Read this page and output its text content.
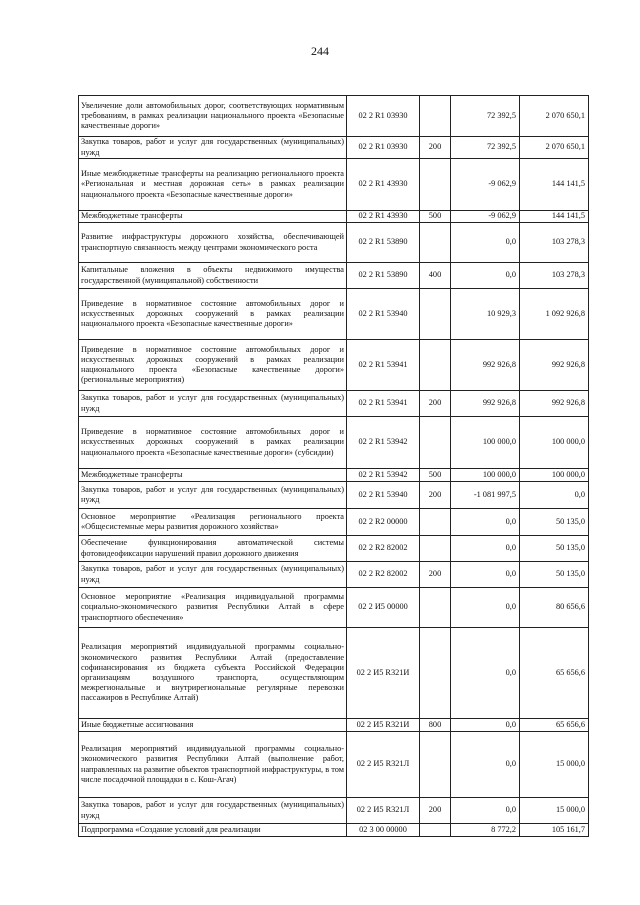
244
Увеличение доли автомобильных дорог, соответствующих нормативным требованиям, в рамках реализации национального проекта «Безопасные качественные дороги»	02 2 R1 03930		72 392,5	2 070 650,1
Закупка товаров, работ и услуг для государственных (муниципальных) нужд	02 2 R1 03930	200	72 392,5	2 070 650,1
Иные межбюджетные трансферты на реализацию регионального проекта «Региональная и местная дорожная сеть» в рамках реализации национального проекта «Безопасные качественные дороги»	02 2 R1 43930		-9 062,9	144 141,5
Межбюджетные трансферты	02 2 R1 43930	500	-9 062,9	144 141,5
Развитие инфраструктуры дорожного хозяйства, обеспечивающей транспортную связанность между центрами экономического роста	02 2 R1 53890		0,0	103 278,3
Капитальные вложения в объекты недвижимого имущества государственной (муниципальной) собственности	02 2 R1 53890	400	0,0	103 278,3
Приведение в нормативное состояние автомобильных дорог и искусственных дорожных сооружений в рамках реализации национального проекта «Безопасные качественные дороги»	02 2 R1 53940		10 929,3	1 092 926,8
Приведение в нормативное состояние автомобильных дорог и искусственных дорожных сооружений в рамках реализации национального проекта «Безопасные качественные дороги» (региональные мероприятия)	02 2 R1 53941		992 926,8	992 926,8
Закупка товаров, работ и услуг для государственных (муниципальных) нужд	02 2 R1 53941	200	992 926,8	992 926,8
Приведение в нормативное состояние автомобильных дорог и искусственных дорожных сооружений в рамках реализации национального проекта «Безопасные качественные дороги» (субсидии)	02 2 R1 53942		100 000,0	100 000,0
Межбюджетные трансферты	02 2 R1 53942	500	100 000,0	100 000,0
Закупка товаров, работ и услуг для государственных (муниципальных) нужд	02 2 R1 53940	200	-1 081 997,5	0,0
Основное мероприятие «Реализация регионального проекта «Общесистемные меры развития дорожного хозяйства»	02 2 R2 00000		0,0	50 135,0
Обеспечение функционирования автоматической системы фотовидеофиксации нарушений правил дорожного движения	02 2 R2 82002		0,0	50 135,0
Закупка товаров, работ и услуг для государственных (муниципальных) нужд	02 2 R2 82002	200	0,0	50 135,0
Основное мероприятие «Реализация индивидуальной программы социально-экономического развития Республики Алтай в сфере транспортного обеспечения»	02 2 И5 00000		0,0	80 656,6
Реализация мероприятий индивидуальной программы социально-экономического развития Республики Алтай (предоставление софинансирования из бюджета субъекта Российской Федерации организациям воздушного транспорта, осуществляющим межрегиональные и внутрирегиональные регулярные перевозки пассажиров в Республике Алтай)	02 2 И5 R321И		0,0	65 656,6
Иные бюджетные ассигнования	02 2 И5 R321И	800	0,0	65 656,6
Реализация мероприятий индивидуальной программы социально-экономического развития Республики Алтай (выполнение работ, направленных на развитие объектов транспортной инфраструктуры, в том числе посадочной площадки в с. Кош-Агач)	02 2 И5 R321Л		0,0	15 000,0
Закупка товаров, работ и услуг для государственных (муниципальных) нужд	02 2 И5 R321Л	200	0,0	15 000,0
Подпрограмма «Создание условий для реализации	02 3 00 00000		8 772,2	105 161,7
